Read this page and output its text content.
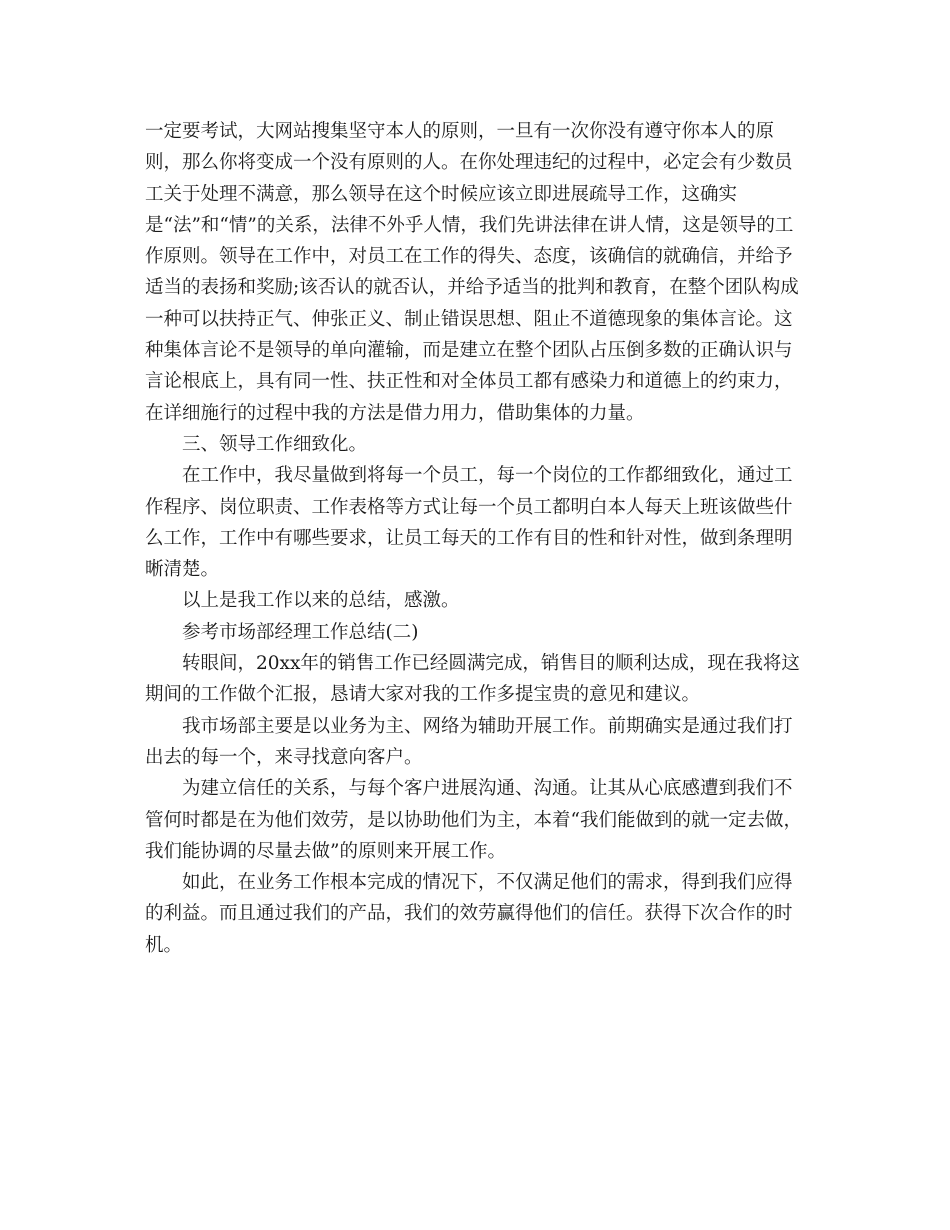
一定要考试，大网站搜集坚守本人的原则，一旦有一次你没有遵守你本人的原
则，那么你将变成一个没有原则的人。在你处理违纪的过程中，必定会有少数员
工关于处理不满意，那么领导在这个时候应该立即进展疏导工作，这确实
是“法”和“情”的关系，法律不外乎人情，我们先讲法律在讲人情，这是领导的工
作原则。领导在工作中，对员工在工作的得失、态度，该确信的就确信，并给予
适当的表扬和奖励;该否认的就否认，并给予适当的批判和教育，在整个团队构成
一种可以扶持正气、伸张正义、制止错误思想、阻止不道德现象的集体言论。这
种集体言论不是领导的单向灌输，而是建立在整个团队占压倒多数的正确认识与
言论根底上，具有同一性、扶正性和对全体员工都有感染力和道德上的约束力，
在详细施行的过程中我的方法是借力用力，借助集体的力量。
三、领导工作细致化。
在工作中，我尽量做到将每一个员工，每一个岗位的工作都细致化，通过工
作程序、岗位职责、工作表格等方式让每一个员工都明白本人每天上班该做些什
么工作，工作中有哪些要求，让员工每天的工作有目的性和针对性，做到条理明
晰清楚。
以上是我工作以来的总结，感激。
参考市场部经理工作总结(二)
转眼间，20xx年的销售工作已经圆满完成，销售目的顺利达成，现在我将这
期间的工作做个汇报，恳请大家对我的工作多提宝贵的意见和建议。
我市场部主要是以业务为主、网络为辅助开展工作。前期确实是通过我们打
出去的每一个，来寻找意向客户。
为建立信任的关系，与每个客户进展沟通、沟通。让其从心底感遭到我们不
管何时都是在为他们效劳，是以协助他们为主，本着“我们能做到的就一定去做，
我们能协调的尽量去做”的原则来开展工作。
如此，在业务工作根本完成的情况下，不仅满足他们的需求，得到我们应得
的利益。而且通过我们的产品，我们的效劳赢得他们的信任。获得下次合作的时
机。
